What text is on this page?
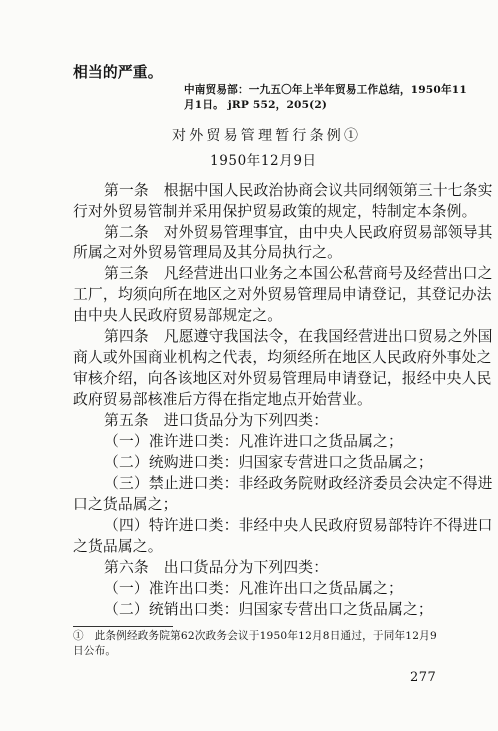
相当的严重。
中南贸易部：一九五〇年上半年贸易工作总结，1950年11
月1日。 jRP 552，205(2)
对外贸易管理暂行条例①
1950年12月9日
第一条　根据中国人民政治协商会议共同纲领第三十七条实
行对外贸易管制并采用保护贸易政策的规定，特制定本条例。
第二条　对外贸易管理事宜，由中央人民政府贸易部领导其
所属之对外贸易管理局及其分局执行之。
第三条　凡经营进出口业务之本国公私营商号及经营出口之
工厂，均须向所在地区之对外贸易管理局申请登记，其登记办法
由中央人民政府贸易部规定之。
第四条　凡愿遵守我国法令，在我国经营进出口贸易之外国
商人或外国商业机构之代表，均须经所在地区人民政府外事处之
审核介绍，向各该地区对外贸易管理局申请登记，报经中央人民
政府贸易部核准后方得在指定地点开始营业。
第五条　进口货品分为下列四类：
（一）准许进口类：凡准许进口之货品属之；
（二）统购进口类：归国家专营进口之货品属之；
（三）禁止进口类：非经政务院财政经济委员会决定不得进
口之货品属之；
（四）特许进口类：非经中央人民政府贸易部特许不得进口
之货品属之。
第六条　出口货品分为下列四类：
（一）准许出口类：凡准许出口之货品属之；
（二）统销出口类：归国家专营出口之货品属之；
①　此条例经政务院第62次政务会议于1950年12月8日通过，于同年12月9
日公布。
277
